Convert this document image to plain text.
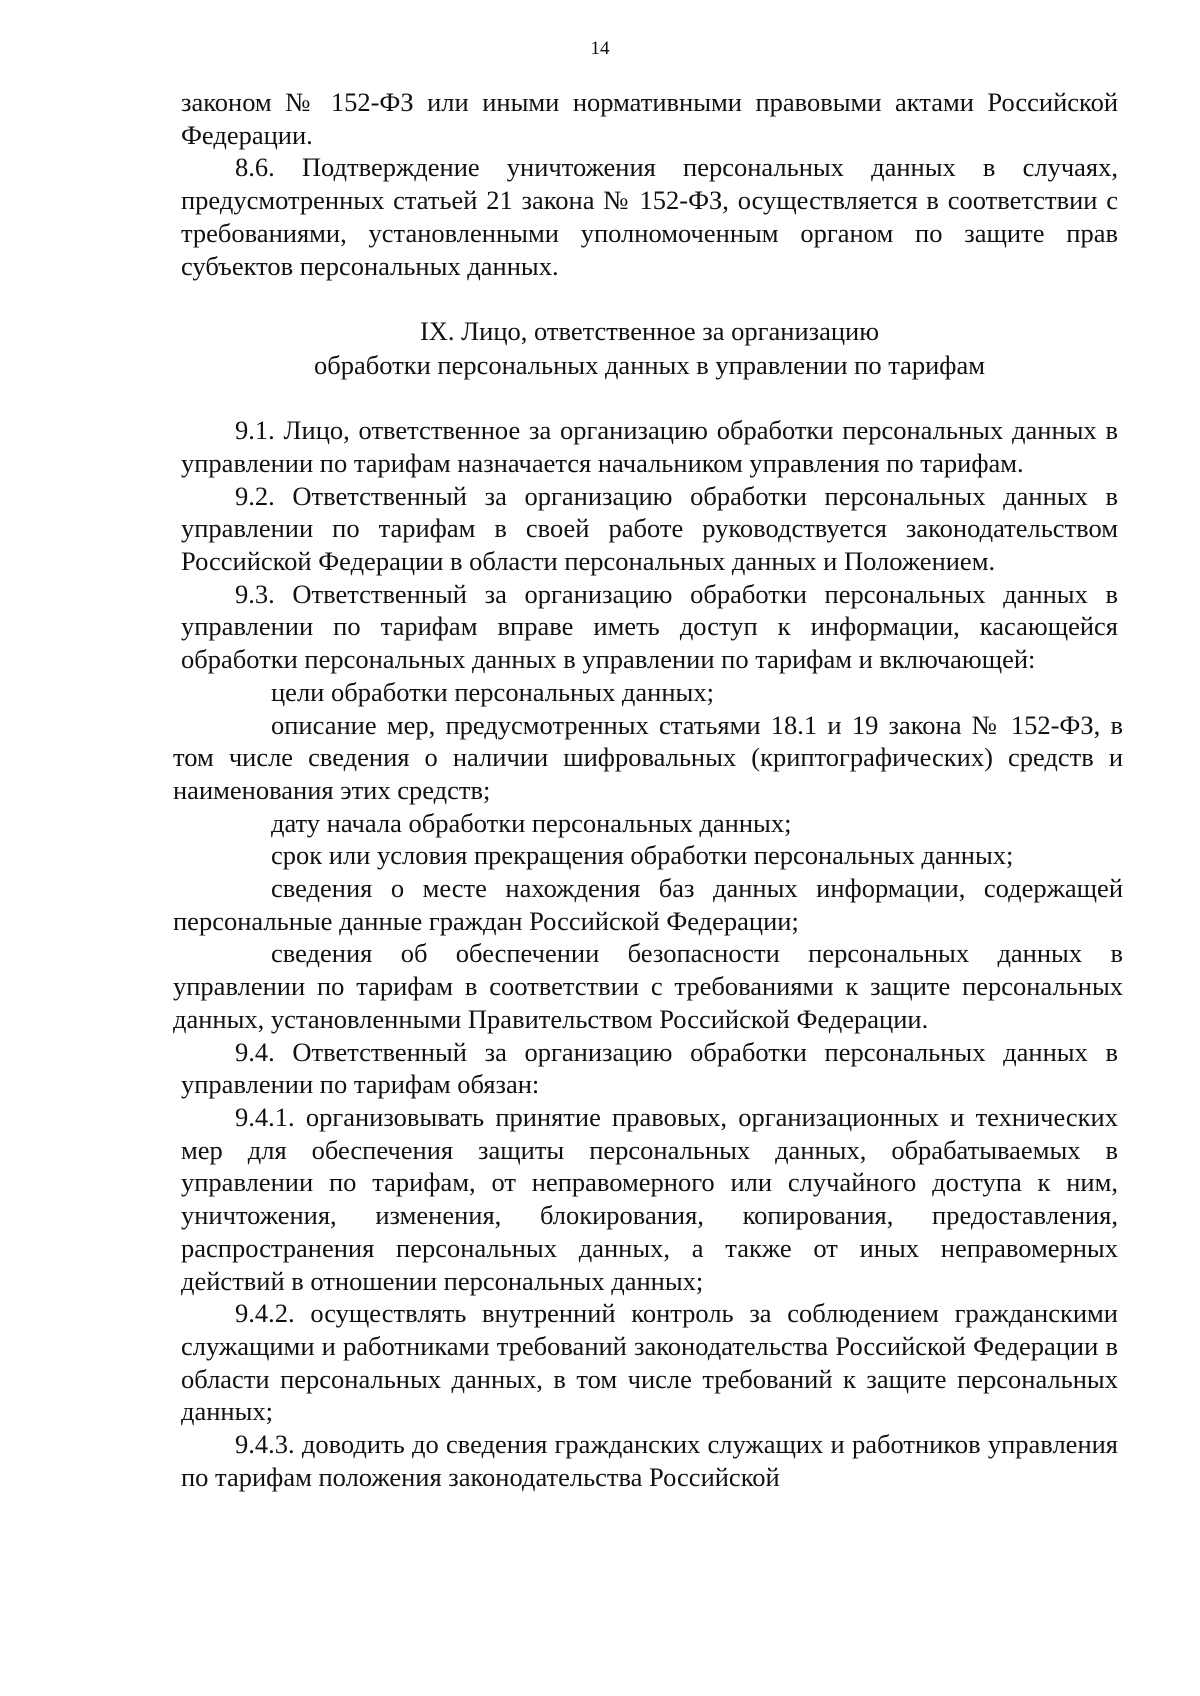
14

законом № 152-ФЗ или иными нормативными правовыми актами Российской Федерации.

8.6. Подтверждение уничтожения персональных данных в случаях, предусмотренных статьей 21 закона № 152-ФЗ, осуществляется в соответствии с требованиями, установленными уполномоченным органом по защите прав субъектов персональных данных.

IX. Лицо, ответственное за организацию
обработки персональных данных в управлении по тарифам

9.1. Лицо, ответственное за организацию обработки персональных данных в управлении по тарифам назначается начальником управления по тарифам.

9.2. Ответственный за организацию обработки персональных данных в управлении по тарифам в своей работе руководствуется законодательством Российской Федерации в области персональных данных и Положением.

9.3. Ответственный за организацию обработки персональных данных в управлении по тарифам вправе иметь доступ к информации, касающейся обработки персональных данных в управлении по тарифам и включающей:

цели обработки персональных данных;

описание мер, предусмотренных статьями 18.1 и 19 закона № 152-ФЗ, в том числе сведения о наличии шифровальных (криптографических) средств и наименования этих средств;

дату начала обработки персональных данных;

срок или условия прекращения обработки персональных данных;

сведения о месте нахождения баз данных информации, содержащей персональные данные граждан Российской Федерации;

сведения об обеспечении безопасности персональных данных в управлении по тарифам в соответствии с требованиями к защите персональных данных, установленными Правительством Российской Федерации.

9.4. Ответственный за организацию обработки персональных данных в управлении по тарифам обязан:

9.4.1. организовывать принятие правовых, организационных и технических мер для обеспечения защиты персональных данных, обрабатываемых в управлении по тарифам, от неправомерного или случайного доступа к ним, уничтожения, изменения, блокирования, копирования, предоставления, распространения персональных данных, а также от иных неправомерных действий в отношении персональных данных;

9.4.2. осуществлять внутренний контроль за соблюдением гражданскими служащими и работниками требований законодательства Российской Федерации в области персональных данных, в том числе требований к защите персональных данных;

9.4.3. доводить до сведения гражданских служащих и работников управления по тарифам положения законодательства Российской
